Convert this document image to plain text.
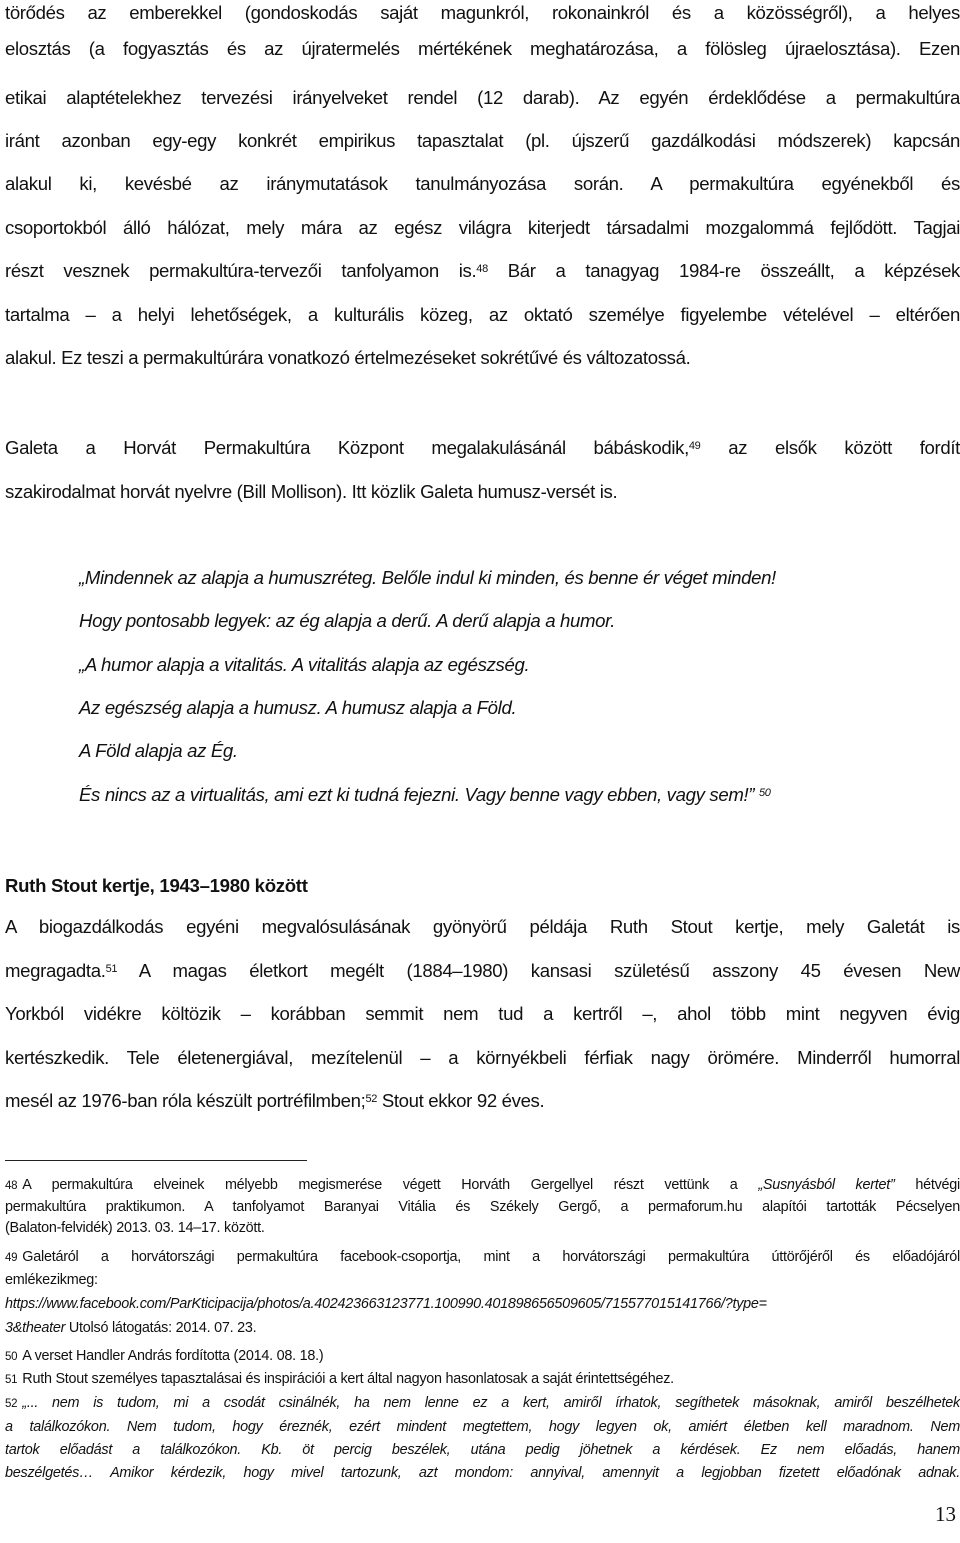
törődés az emberekkel (gondoskodás saját magunkról, rokonainkról és a közösségről), a helyes

elosztás (a fogyasztás és az újratermelés mértékének meghatározása, a fölösleg újraelosztása). Ezen

etikai alaptételekhez tervezési irányelveket rendel (12 darab). Az egyén érdeklődése a permakultúra

iránt azonban egy-egy konkrét empirikus tapasztalat (pl. újszerű gazdálkodási módszerek) kapcsán

alakul ki, kevésbé az iránymutatások tanulmányozása során. A permakultúra egyénekből és

csoportokból álló hálózat, mely mára az egész világra kiterjedt társadalmi mozgalommá fejlődött. Tagjai

részt vesznek permakultúra-tervezői tanfolyamon is.$^{48}$ Bár a tanagyag 1984-re összeállt, a képzések

tartalma – a helyi lehetőségek, a kulturális közeg, az oktató személye figyelembe vételével – eltérően

alakul. Ez teszi a permakultúrára vonatkozó értelmezéseket sokrétűvé és változatossá.

Galeta a Horvát Permakultúra Központ megalakulásánál bábáskodik,$^{49}$ az elsők között fordít

szakirodalmat horvát nyelvre (Bill Mollison). Itt közlik Galeta humusz-versét is.

„Mindennek az alapja a humuszréteg. Belőle indul ki minden, és benne ér véget minden!

Hogy pontosabb legyek: az ég alapja a derű. A derű alapja a humor.

„A humor alapja a vitalitás. A vitalitás alapja az egészség.

Az egészség alapja a humusz. A humusz alapja a Föld.

A Föld alapja az Ég.

És nincs az a virtualitás, ami ezt ki tudná fejezni. Vagy benne vagy ebben, vagy sem!” $^{50}$

Ruth Stout kertje, 1943–1980 között

A biogazdálkodás egyéni megvalósulásának gyönyörű példája Ruth Stout kertje, mely Galetát is

megragadta.$^{51}$ A magas életkort megélt (1884–1980) kansasi születésű asszony 45 évesen New

Yorkból vidékre költözik – korábban semmit nem tud a kertről –, ahol több mint negyven évig

kertészkedik. Tele életenergiával, mezítelenül – a környékbeli férfiak nagy örömére. Minderről humorral

mesél az 1976-ban róla készült portréfilmben;$^{52}$ Stout ekkor 92 éves.

48 A permakultúra elveinek mélyebb megismerése végett Horváth Gergellyel részt vettünk a „Susnyásból kertet” hétvégi

permakultúra praktikumon. A tanfolyamot Baranyai Vitália és Székely Gergő, a permaforum.hu alapítói tartották Pécselyen

(Balaton-felvidék) 2013. 03. 14–17. között.

49 Galetáról a horvátországi permakultúra facebook-csoportja, mint a horvátországi permakultúra úttörőjéről és előadójáról

emlékezikmeg:

https://www.facebook.com/ParKticipacija/photos/a.402423663123771.100990.401898656509605/715577015141766/?type=

3&theater Utolsó látogatás: 2014. 07. 23.

50 A verset Handler András fordította (2014. 08. 18.)

51 Ruth Stout személyes tapasztalásai és inspirációi a kert által nagyon hasonlatosak a saját érintettségéhez.

52 „... nem is tudom, mi a csodát csinálnék, ha nem lenne ez a kert, amiről írhatok, segíthetek másoknak, amiről beszélhetek

a találkozókon. Nem tudom, hogy éreznék, ezért mindent megtettem, hogy legyen ok, amiért életben kell maradnom. Nem

tartok előadást a találkozókon. Kb. öt percig beszélek, utána pedig jöhetnek a kérdések. Ez nem előadás, hanem

beszélgetés… Amikor kérdezik, hogy mivel tartozunk, azt mondom: annyival, amennyit a legjobban fizetett előadónak adnak.

13
